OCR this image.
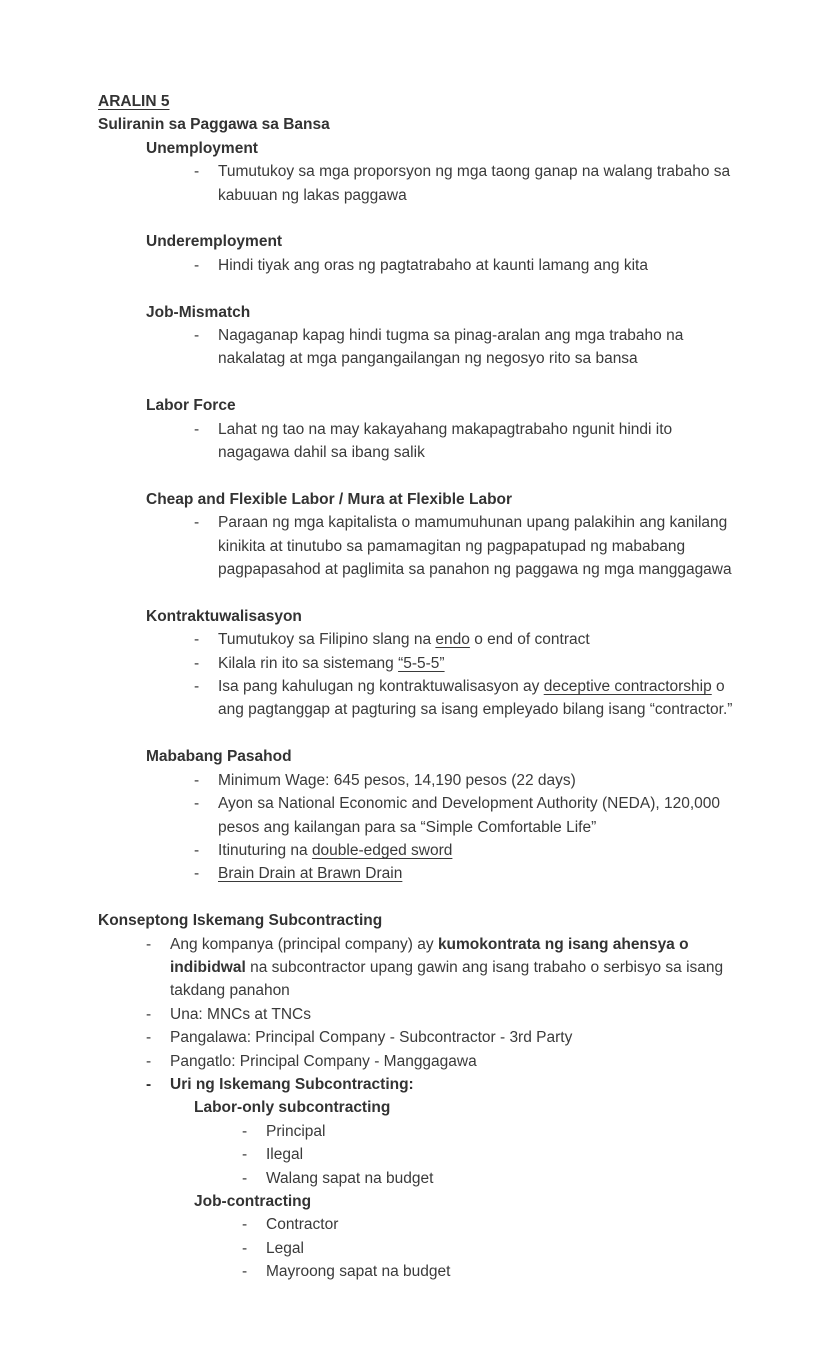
ARALIN 5
Suliranin sa Paggawa sa Bansa
Unemployment
-	Tumutukoy sa mga proporsyon ng mga taong ganap na walang trabaho sa kabuuan ng lakas paggawa
Underemployment
-	Hindi tiyak ang oras ng pagtatrabaho at kaunti lamang ang kita
Job-Mismatch
-	Nagaganap kapag hindi tugma sa pinag-aralan ang mga trabaho na nakalatag at mga pangangailangan ng negosyo rito sa bansa
Labor Force
-	Lahat ng tao na may kakayahang makapagtrabaho ngunit hindi ito nagagawa dahil sa ibang salik
Cheap and Flexible Labor / Mura at Flexible Labor
-	Paraan ng mga kapitalista o mamumuhunan upang palakihin ang kanilang kinikita at tinutubo sa pamamagitan ng pagpapatupad ng mababang pagpapasahod at paglimita sa panahon ng paggawa ng mga manggagawa
Kontraktuwalisasyon
-	Tumutukoy sa Filipino slang na endo o end of contract
-	Kilala rin ito sa sistemang “5-5-5”
-	Isa pang kahulugan ng kontraktuwalisasyon ay deceptive contractorship o ang pagtanggap at pagturing sa isang empleyado bilang isang “contractor.”
Mababang Pasahod
-	Minimum Wage: 645 pesos, 14,190 pesos (22 days)
-	Ayon sa National Economic and Development Authority (NEDA), 120,000 pesos ang kailangan para sa “Simple Comfortable Life”
-	Itinuturing na double-edged sword
-	Brain Drain at Brawn Drain
Konseptong Iskemang Subcontracting
-	Ang kompanya (principal company) ay kumokontrata ng isang ahensya o indibidwal na subcontractor upang gawin ang isang trabaho o serbisyo sa isang takdang panahon
-	Una: MNCs at TNCs
-	Pangalawa: Principal Company - Subcontractor - 3rd Party
-	Pangatlo: Principal Company - Manggagawa
-	Uri ng Iskemang Subcontracting:
Labor-only subcontracting
-	Principal
-	Ilegal
-	Walang sapat na budget
Job-contracting
-	Contractor
-	Legal
-	Mayroong sapat na budget
